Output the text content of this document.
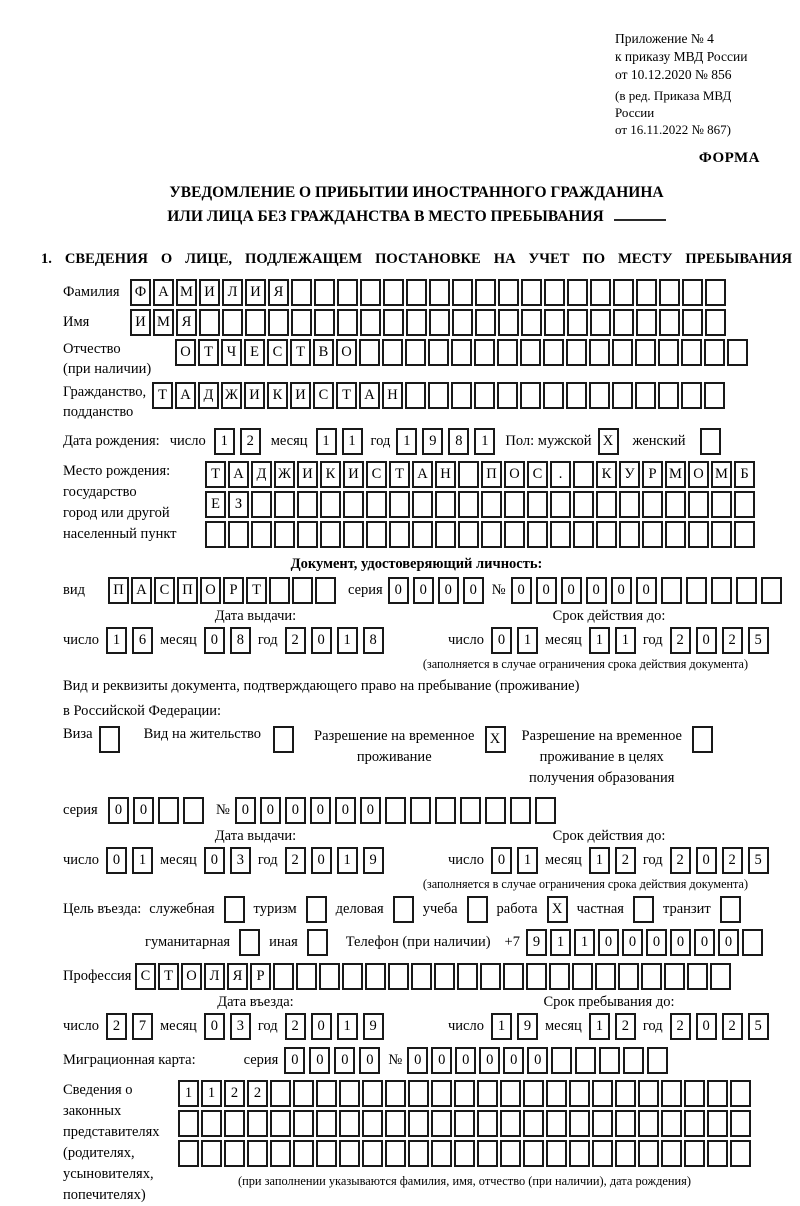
Приложение № 4
к приказу МВД России
от 10.12.2020 № 856
(в ред. Приказа МВД России
от 16.11.2022 № 867)
ФОРМА
УВЕДОМЛЕНИЕ О ПРИБЫТИИ ИНОСТРАННОГО ГРАЖДАНИНА
ИЛИ ЛИЦА БЕЗ ГРАЖДАНСТВА В МЕСТО ПРЕБЫВАНИЯ
1. СВЕДЕНИЯ О ЛИЦЕ, ПОДЛЕЖАЩЕМ ПОСТАНОВКЕ НА УЧЕТ ПО МЕСТУ ПРЕБЫВАНИЯ
Фамилия	Ф А М И Л И Я
Имя	И М Я
Отчество
(при наличии)
О Т Ч Е С Т В О
Гражданство,
подданство
Т А Д Ж И К И С Т А Н
Дата рождения: число	1	2	месяц	1	1	год 1	9	8	1	Пол: мужской X	женский
Место рождения:
государство
город или другой
населенный пункт
Т А Д Ж И К И С Т А Н	П О С	.	К У Р М О М Б
Е	З
Документ, удостоверяющий личность:
вид	П А С П О Р	Т	серия 0	0	0	0	№ 0	0	0	0	0	0
Дата выдачи:	Срок действия до:
число 1	6 месяц 0	8 год 2	0	1	8	число 0	1 месяц 1	1 год 2	0	2	5
(заполняется в случае ограничения срока действия документа)
Вид и реквизиты документа, подтверждающего право на пребывание (проживание)
в Российской Федерации:
Виза	Вид на жительство	Разрешение на временное
проживание
X	Разрешение на временное
проживание в целях
получения образования
серия	0	0	№ 0	0	0	0	0	0
Дата выдачи:	Срок действия до:
число 0	1 месяц 0	3 год 2	0	1	9	число 0	1 месяц 1	2 год 2	0	2	5
(заполняется в случае ограничения срока действия документа)
Цель въезда: служебная	туризм	деловая	учеба	работа X частная	транзит
гуманитарная	иная	Телефон (при наличии) +7 9	1	1	0	0	0	0	0	0
Профессия С Т О Л Я Р
Дата въезда:	Срок пребывания до:
число 2	7 месяц 0	3 год 2	0	1	9	число 1	9 месяц 1	2 год 2	0	2	5
Миграционная карта:	серия 0	0	0	0	№ 0	0	0	0	0	0
Сведения о
законных
представителях
(родителях,
усыновителях,
попечителях)
1	1	2	2
(при заполнении указываются фамилия, имя, отчество (при наличии), дата рождения)
